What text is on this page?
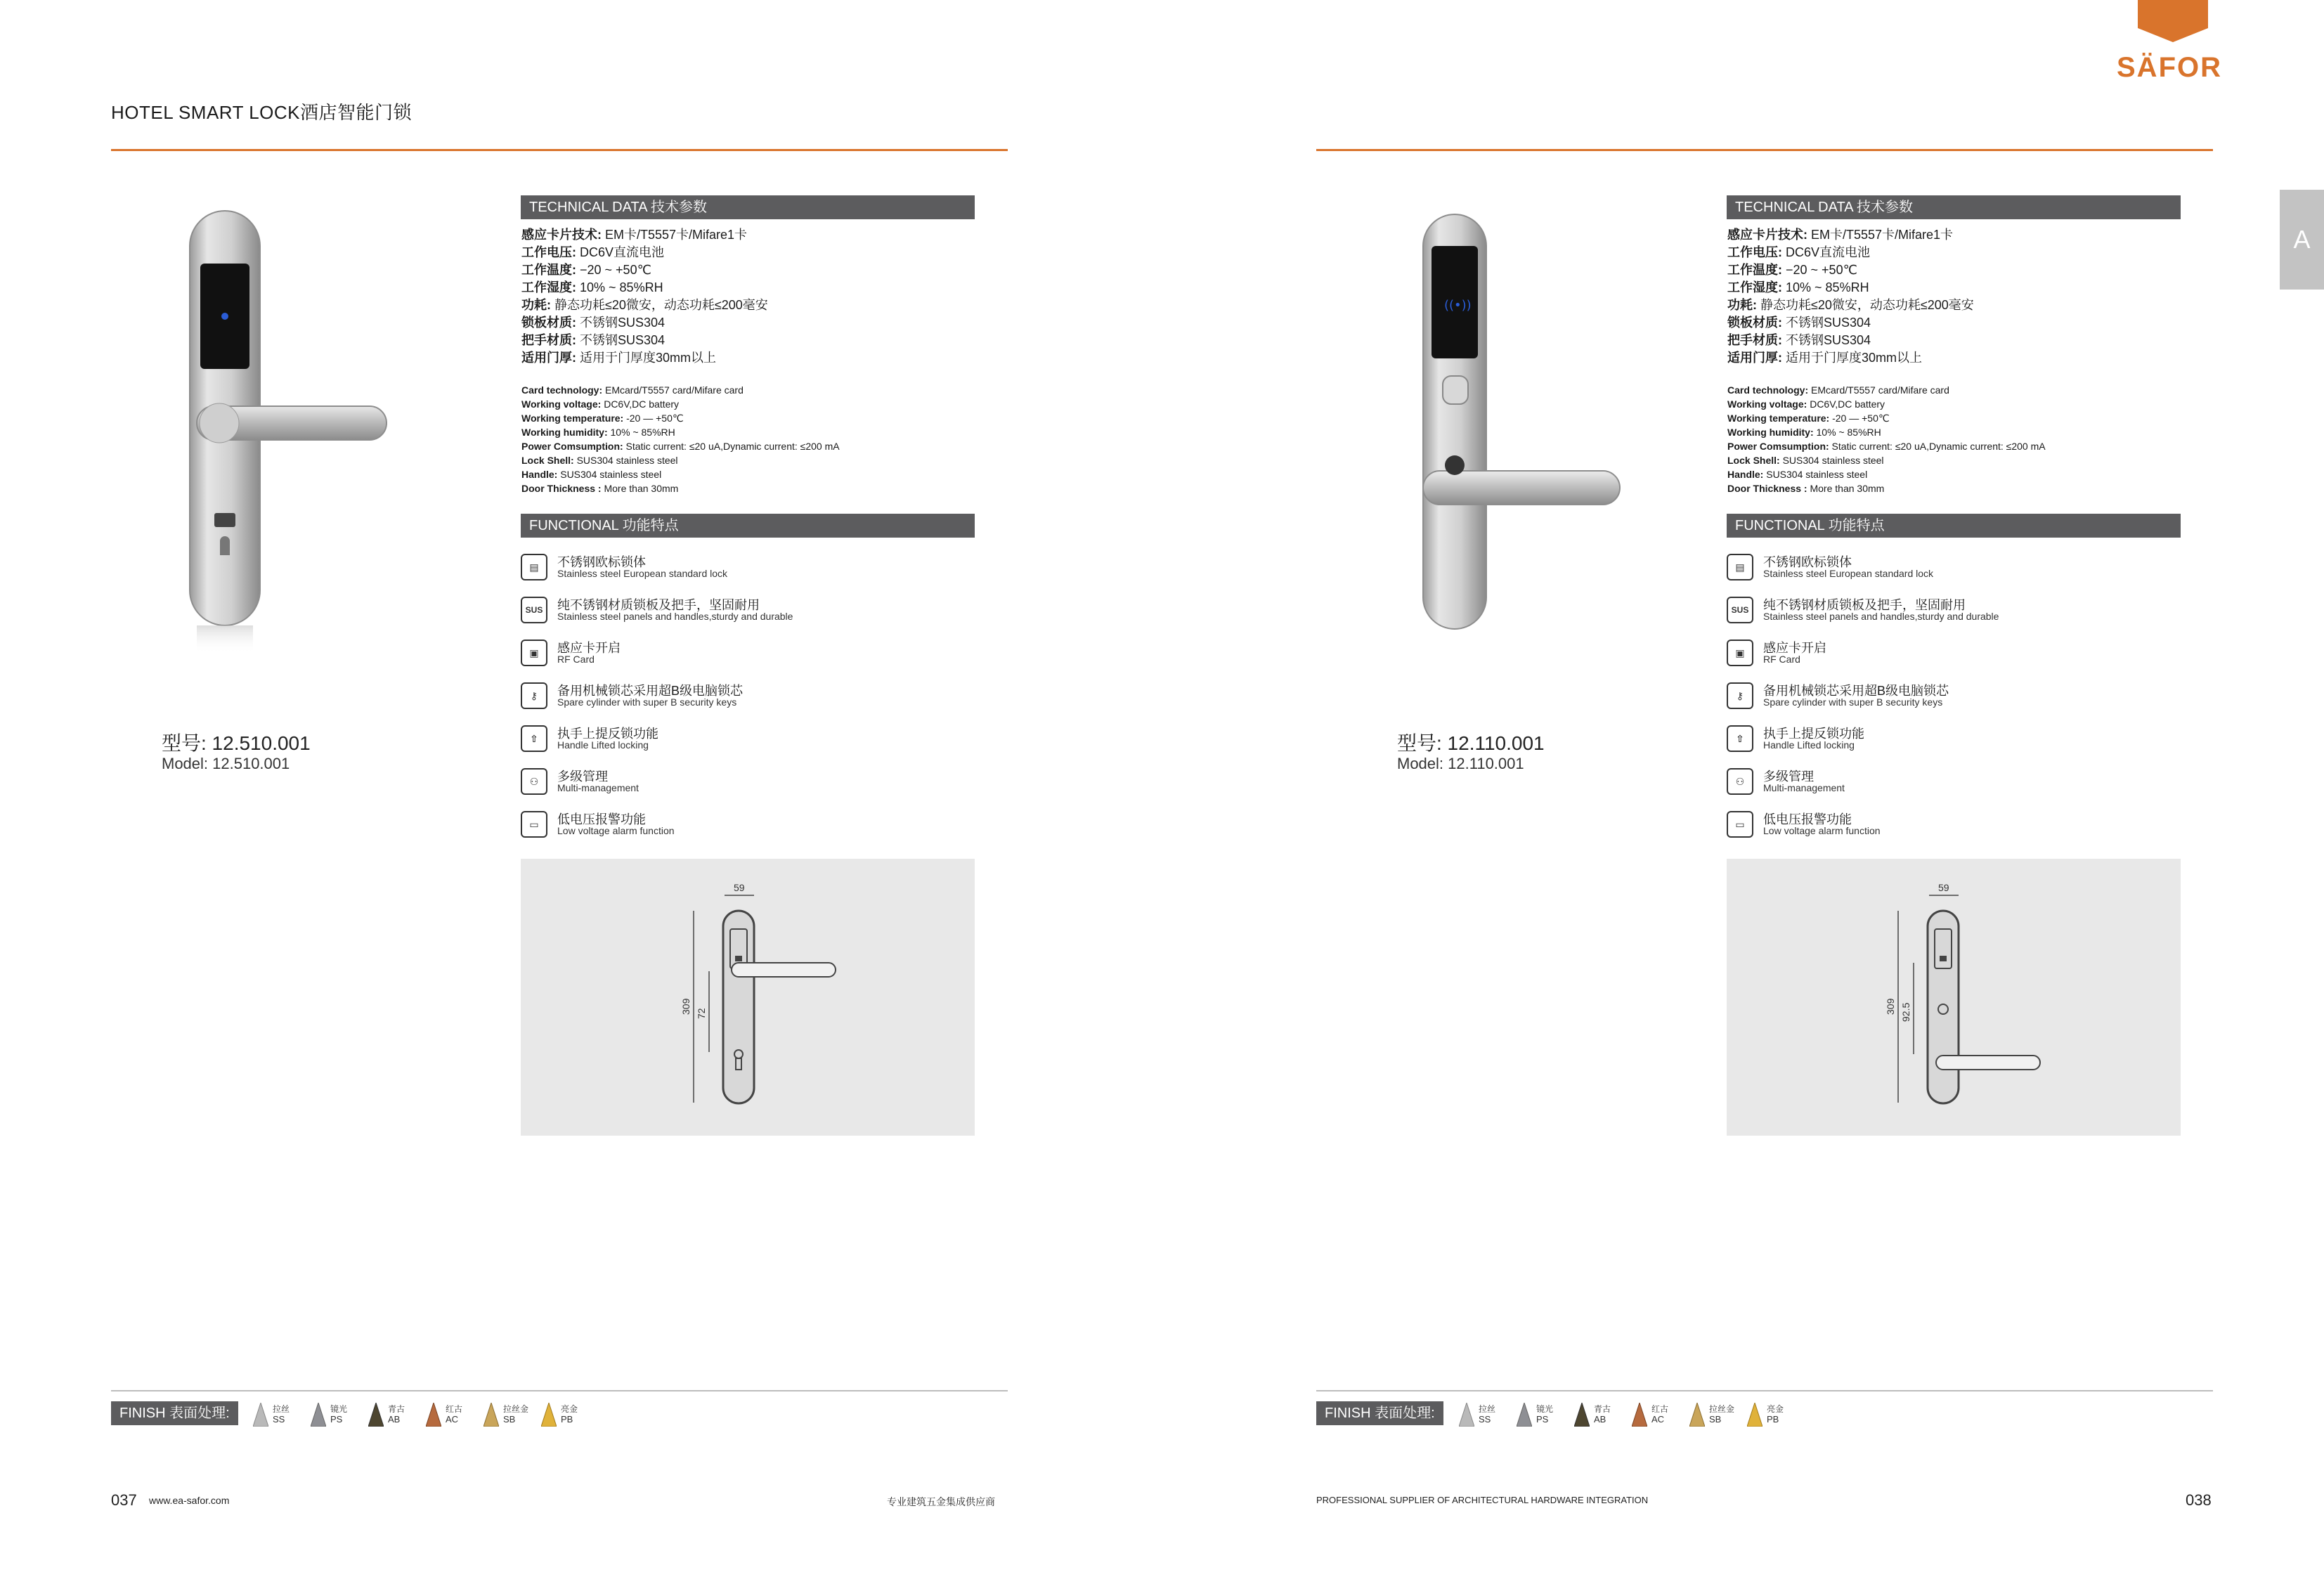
HOTEL SMART LOCK酒店智能门锁
SÄFOR
A
型号: 12.510.001
Model: 12.510.001
TECHNICAL DATA 技术参数
感应卡片技术: EM卡/T5557卡/Mifare1卡
工作电压: DC6V直流电池
工作温度: −20 ~ +50℃
工作湿度: 10% ~ 85%RH
功耗: 静态功耗≤20微安，动态功耗≤200毫安
锁板材质: 不锈钢SUS304
把手材质: 不锈钢SUS304
适用门厚: 适用于门厚度30mm以上
Card technology: EMcard/T5557 card/Mifare card
Working voltage: DC6V,DC battery
Working temperature: -20 — +50℃
Working humidity: 10% ~ 85%RH
Power Comsumption: Static current: ≤20 uA,Dynamic current: ≤200 mA
Lock Shell: SUS304 stainless steel
Handle: SUS304 stainless steel
Door Thickness : More than 30mm
FUNCTIONAL 功能特点
▤	不锈钢欧标锁体
Stainless steel European standard lock
SUS	纯不锈钢材质锁板及把手，坚固耐用
Stainless steel panels and handles,sturdy and durable
▣	感应卡开启
RF Card
⚷	备用机械锁芯采用超B级电脑锁芯
Spare cylinder with super B security keys
⇧	执手上提反锁功能
Handle Lifted locking
⚇	多级管理
Multi-management
▭	低电压报警功能
Low voltage alarm function
59
309 72
FINISH 表面处理:	拉丝
SS
镜光
PS
青古
AB
红古
AC
拉丝金
SB
亮金
PB
037 www.ea-safor.com	专业建筑五金集成供应商
((•))
型号: 12.110.001
Model: 12.110.001
TECHNICAL DATA 技术参数
感应卡片技术: EM卡/T5557卡/Mifare1卡
工作电压: DC6V直流电池
工作温度: −20 ~ +50℃
工作湿度: 10% ~ 85%RH
功耗: 静态功耗≤20微安，动态功耗≤200毫安
锁板材质: 不锈钢SUS304
把手材质: 不锈钢SUS304
适用门厚: 适用于门厚度30mm以上
Card technology: EMcard/T5557 card/Mifare card
Working voltage: DC6V,DC battery
Working temperature: -20 — +50℃
Working humidity: 10% ~ 85%RH
Power Comsumption: Static current: ≤20 uA,Dynamic current: ≤200 mA
Lock Shell: SUS304 stainless steel
Handle: SUS304 stainless steel
Door Thickness : More than 30mm
FUNCTIONAL 功能特点
▤	不锈钢欧标锁体
Stainless steel European standard lock
SUS	纯不锈钢材质锁板及把手，坚固耐用
Stainless steel panels and handles,sturdy and durable
▣	感应卡开启
RF Card
⚷	备用机械锁芯采用超B级电脑锁芯
Spare cylinder with super B security keys
⇧	执手上提反锁功能
Handle Lifted locking
⚇	多级管理
Multi-management
▭	低电压报警功能
Low voltage alarm function
59
309 92.5
FINISH 表面处理:	拉丝
SS
镜光
PS
青古
AB
红古
AC
拉丝金
SB
亮金
PB
PROFESSIONAL SUPPLIER OF ARCHITECTURAL HARDWARE INTEGRATION	038
